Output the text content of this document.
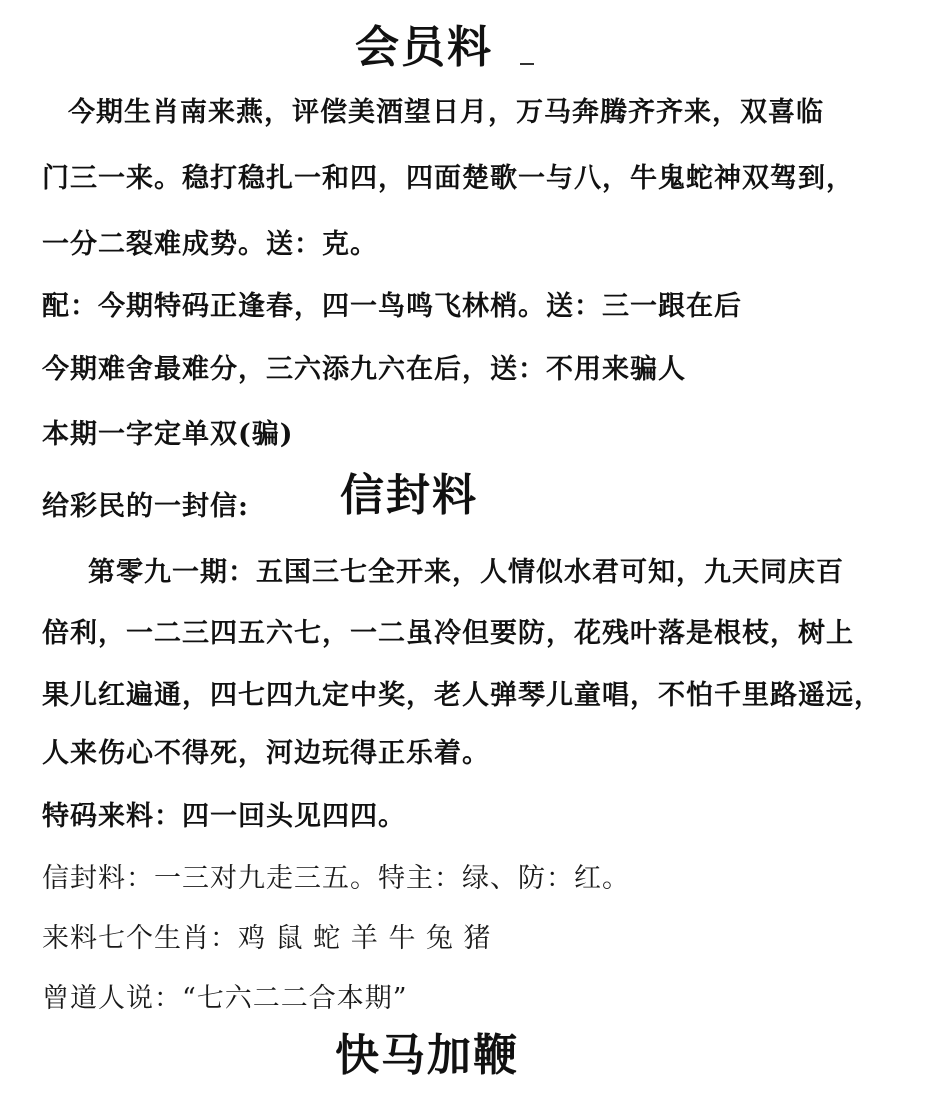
会员料
今期生肖南来燕，评偿美酒望日月，万马奔腾齐齐来，双喜临
门三一来。稳打稳扎一和四，四面楚歌一与八，牛鬼蛇神双驾到，
一分二裂难成势。送：克。
配：今期特码正逢春，四一鸟鸣飞林梢。送：三一跟在后
今期难舍最难分，三六添九六在后，送：不用来骗人
本期一字定单双(骗)
给彩民的一封信: 信封料
第零九一期：五国三七全开来，人情似水君可知，九天同庆百
倍利，一二三四五六七，一二虽冷但要防，花残叶落是根枝，树上
果儿红遍通，四七四九定中奖，老人弹琴儿童唱，不怕千里路遥远，
人来伤心不得死，河边玩得正乐着。
特码来料：四一回头见四四。
信封料：一三对九走三五。特主：绿、防：红。
来料七个生肖：鸡 鼠 蛇 羊 牛 兔 猪
曾道人说：“七六二二合本期”
快马加鞭
